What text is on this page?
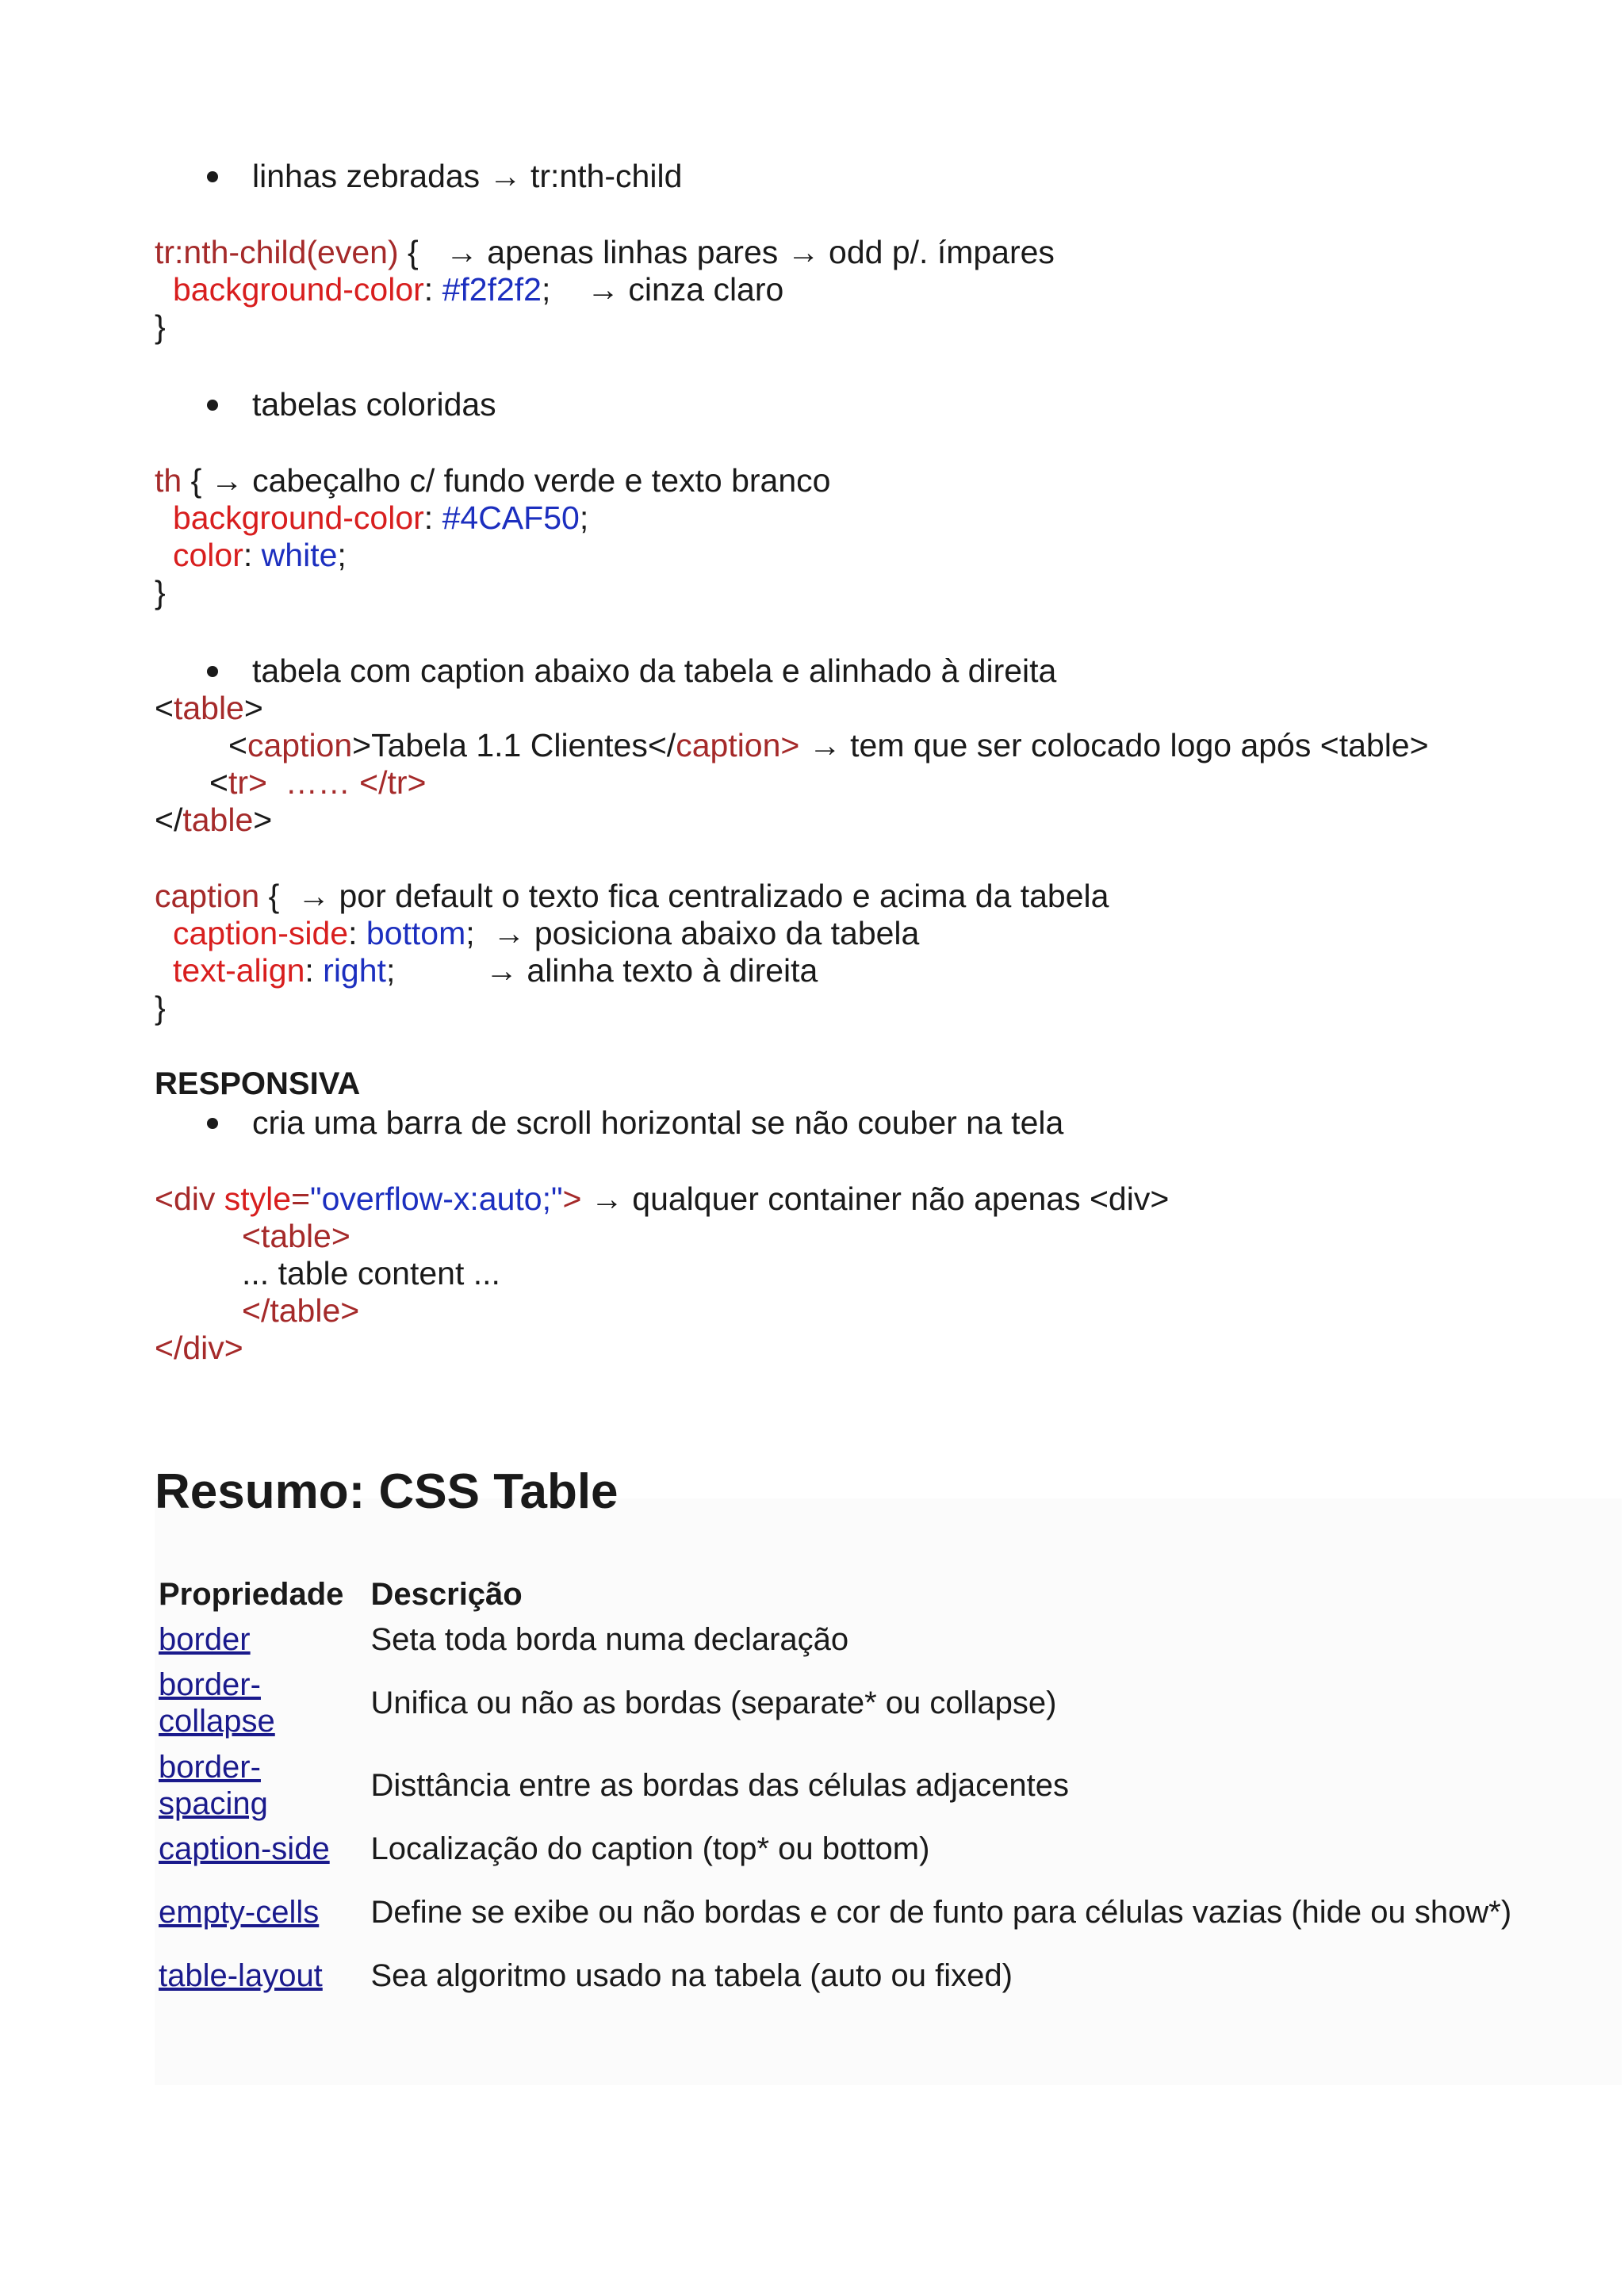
linhas zebradas → tr:nth-child
tr:nth-child(even) {   → apenas linhas pares → odd p/. ímpares
background-color: #f2f2f2;    → cinza claro
}
tabelas coloridas
th { → cabeçalho c/ fundo verde e texto branco
background-color: #4CAF50;
color: white;
}
tabela com caption abaixo da tabela e alinhado à direita
<table>
<caption>Tabela 1.1 Clientes</caption> → tem que ser colocado logo após <table>
<tr>  …… </tr>
</table>
caption {  → por default o texto fica centralizado e acima da tabela
caption-side: bottom;  → posiciona abaixo da tabela
text-align: right;	→ alinha texto à direita
}
RESPONSIVA
cria uma barra de scroll horizontal se não couber na tela
<div style="overflow-x:auto;"> → qualquer container não apenas <div>
<table>
... table content ...
</table>
</div>
Resumo: CSS Table
Propriedade	Descrição
border	Seta toda borda numa declaração
border-collapse	Unifica ou não as bordas (separate* ou collapse)
border-spacing	Disttância entre as bordas das células adjacentes
caption-side	Localização do caption (top* ou bottom)
empty-cells	Define se exibe ou não bordas e cor de funto para células vazias (hide ou show*)
table-layout	Sea algoritmo usado na tabela (auto ou fixed)
